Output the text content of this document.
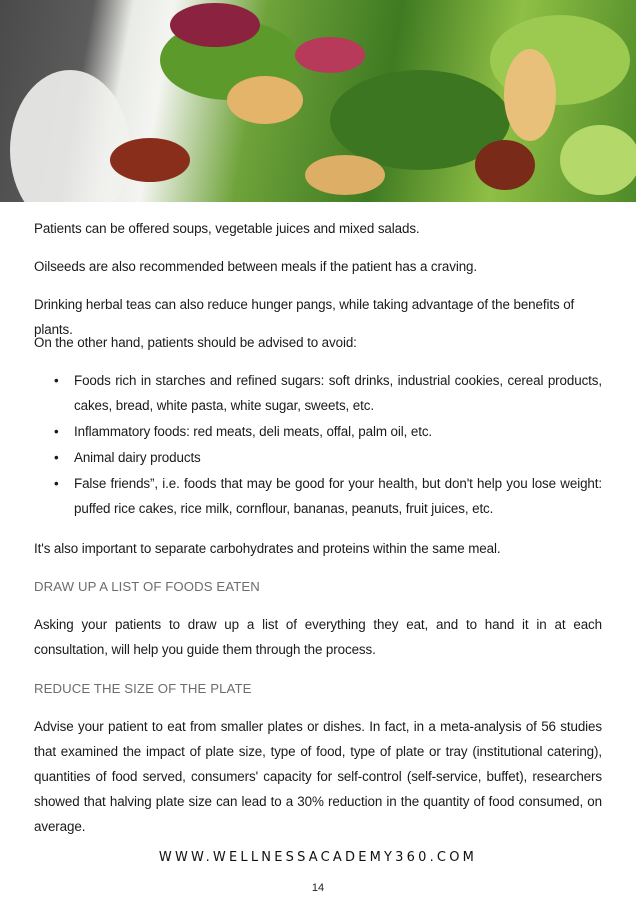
Patients can be offered soups, vegetable juices and mixed salads.

Oilseeds are also recommended between meals if the patient has a craving.

Drinking herbal teas can also reduce hunger pangs, while taking advantage of the benefits of plants.

On the other hand, patients should be advised to avoid:

• Foods rich in starches and refined sugars: soft drinks, industrial cookies, cereal products, cakes, bread, white pasta, white sugar, sweets, etc.
• Inflammatory foods: red meats, deli meats, offal, palm oil, etc.
• Animal dairy products
• False friends”, i.e. foods that may be good for your health, but don't help you lose weight: puffed rice cakes, rice milk, cornflour, bananas, peanuts, fruit juices, etc.

It's also important to separate carbohydrates and proteins within the same meal.

DRAW UP A LIST OF FOODS EATEN

Asking your patients to draw up a list of everything they eat, and to hand it in at each consultation, will help you guide them through the process.

REDUCE THE SIZE OF THE PLATE

Advise your patient to eat from smaller plates or dishes. In fact, in a meta-analysis of 56 studies that examined the impact of plate size, type of food, type of plate or tray (institutional catering), quantities of food served, consumers' capacity for self-control (self-service, buffet), researchers showed that halving plate size can lead to a 30% reduction in the quantity of food consumed, on average.

WWW.WELLNESSACADEMY360.COM
14
